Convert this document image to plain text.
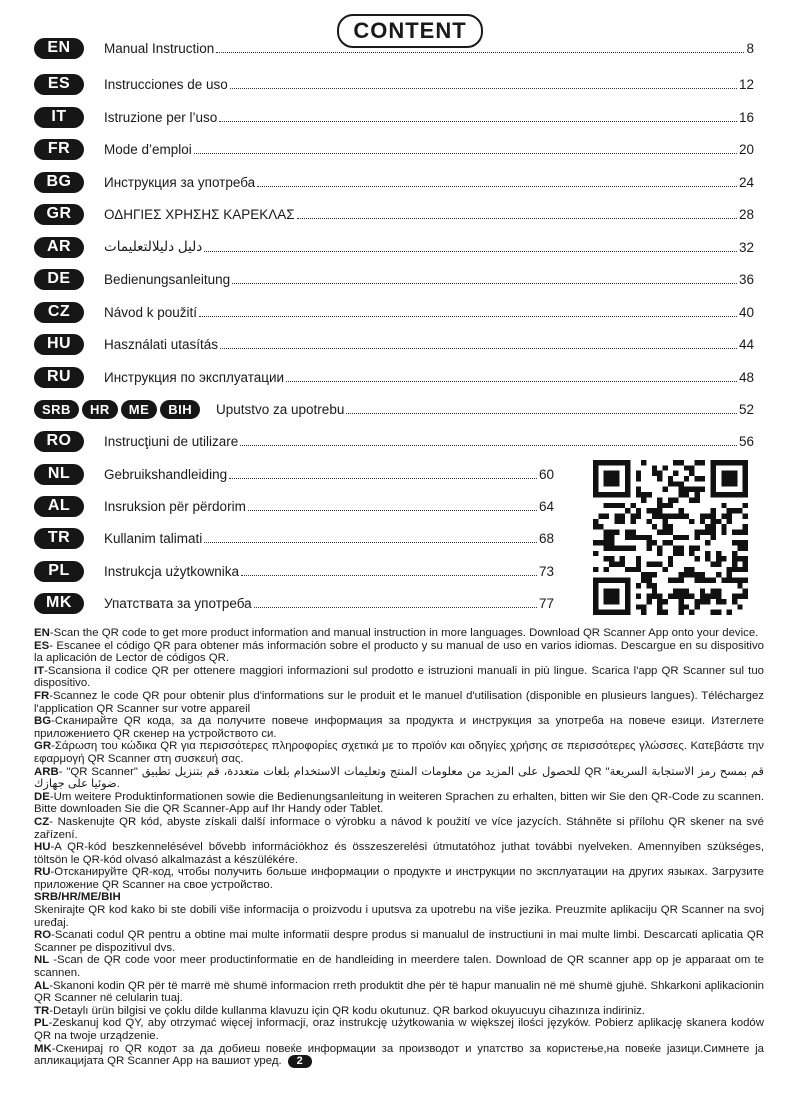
CONTENT
EN	Manual Instruction	8
ES	Instrucciones de uso	12
IT	Istruzione per l’uso	16
FR	Mode d’emploi	20
BG	Инструкция за употреба	24
GR	ΟΔΗΓΙΕΣ ΧΡΗΣΗΣ ΚΑΡΕΚΛΑΣ	28
AR	دليل دليلالتعليمات	32
DE	Bedienungsanleitung	36
CZ	Návod k použití	40
HU	Használati utasítás	44
RU	Инструкция по эксплуатации	48
SRB	HR	ME	BIH	Uputstvo za upotrebu	52
RO	Instrucţiuni de utilizare	56
NL	Gebruikshandleiding	60
AL	Insruksion për përdorim	64
TR	Kullanim talimati	68
PL	Instrukcja użytkownika	73
MK	Упатствата за употреба	77

EN-Scan the QR code to get more product information and manual instruction in more languages. Download QR Scanner App onto your device.

ES- Escanee el código QR para obtener más información sobre el producto y su manual de uso en varios idiomas. Descargue en su dispositivo la aplicación de Lector de códigos QR.

IT-Scansiona il codice QR per ottenere maggiori informazioni sul prodotto e istruzioni manuali in più lingue. Scarica l'app QR Scanner sul tuo dispositivo.

FR-Scannez le code QR pour obtenir plus d'informations sur le produit et le manuel d'utilisation (disponible en plusieurs langues). Téléchargez l'application QR Scanner sur votre appareil

BG-Сканирайте QR кода, за да получите повече информация за продукта и инструкция за употреба на повече езици. Изтеглете приложението QR скенер на устройството си.

GR-Σάρωση του κώδικα QR για περισσότερες πληροφορίες σχετικά με το προϊόν και οδηγίες χρήσης σε περισσότερες γλώσσες. Κατεβάστε την εφαρμογή QR Scanner στη συσκευή σας.

ARB- "QR Scanner" للحصول على المزيد من معلومات المنتج وتعليمات الاستخدام بلغات متعددة، قم بتنزيل تطبيق QR "قم بمسح رمز الاستجابة السريعة ضوئيا على جهازك.

DE-Um weitere Produktinformationen sowie die Bedienungsanleitung in weiteren Sprachen zu erhalten, bitten wir Sie den QR-Code zu scannen. Bitte downloaden Sie die QR Scanner-App auf Ihr Handy oder Tablet.

CZ- Naskenujte QR kód, abyste získali další informace o výrobku a návod k použití ve více jazycích. Stáhněte si přílohu QR skener na své zařízení.

HU-A QR-kód beszkennelésével bővebb információkhoz és összeszerelési útmutatóhoz juthat további nyelveken. Amennyiben szükséges, töltsön le QR-kód olvasó alkalmazást a készülékére.

RU-Отсканируйте QR-код, чтобы получить больше информации о продукте и инструкции по эксплуатации на других языках. Загрузите приложение QR Scanner на свое устройство.

SRB/HR/ME/BIH

Skenirajte QR kod kako bi ste dobili više informacija o proizvodu i uputsva za upotrebu na više jezika. Preuzmite aplikaciju QR Scanner na svoj uređaj.

RO-Scanati codul QR pentru a obtine mai multe informatii despre produs si manualul de instructiuni in mai multe limbi. Descarcati aplicatia QR Scanner pe dispozitivul dvs.

NL -Scan de QR code voor meer productinformatie en de handleiding in meerdere talen. Download de QR scanner app op je apparaat om te scannen.

AL-Skanoni kodin QR për të marrë më shumë informacion rreth produktit dhe për të hapur manualin në më shumë gjuhë. Shkarkoni aplikacionin QR Scanner në celularin tuaj.

TR-Detaylı ürün bilgisi ve çoklu dilde kullanma klavuzu için QR kodu okutunuz. QR barkod okuyucuyu cihazınıza indiriniz.

PL-Zeskanuj kod QY, aby otrzymać więcej informacji, oraz instrukcję użytkowania w większej ilości języków. Pobierz aplikację skanera kodów QR na twoje urządzenie.

MK-Скенирај го QR кодот за да добиеш повеќе информации за производот и упатство за користење,на повеќе јазици.Симнете ја апликацијата QR Scanner App на вашиот уред. 2
